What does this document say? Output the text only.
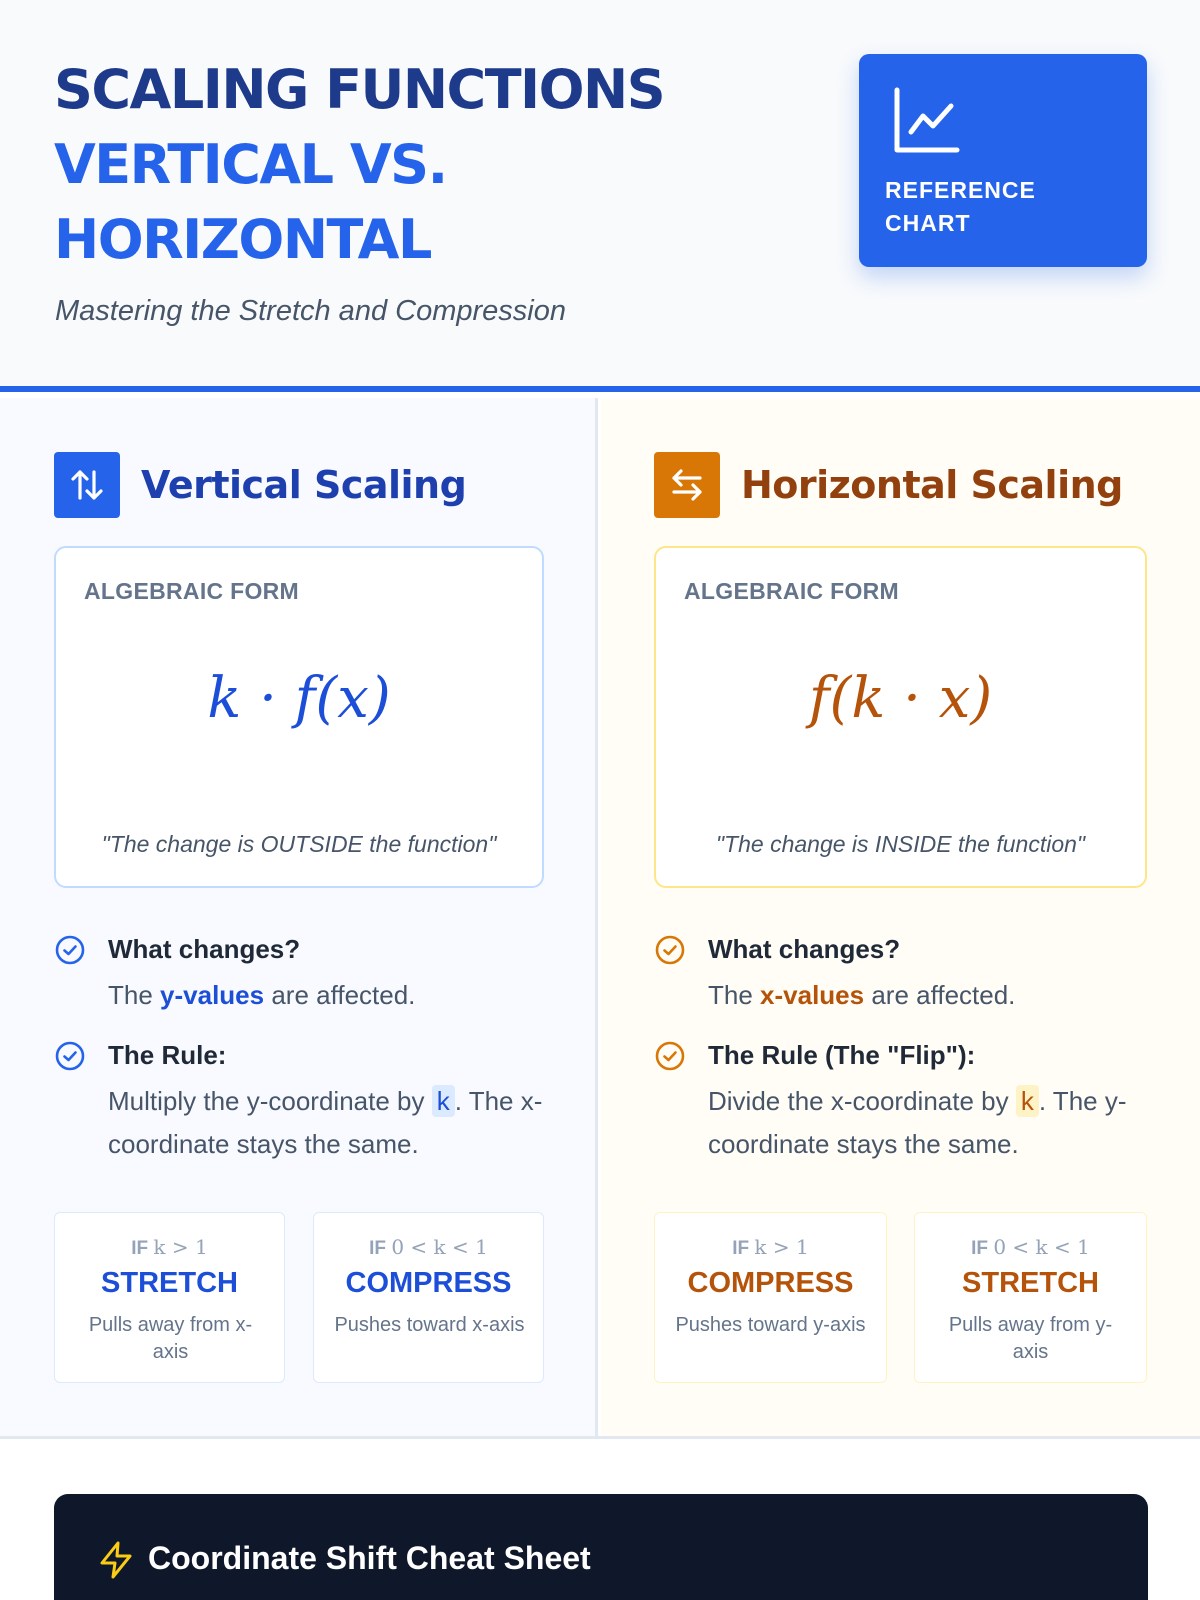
SCALING FUNCTIONS
VERTICAL VS.
HORIZONTAL
Mastering the Stretch and Compression
REFERENCE CHART
Vertical Scaling
ALGEBRAIC FORM
k · f(x)
"The change is OUTSIDE the function"
What changes?
The y-values are affected.
The Rule:
Multiply the y-coordinate by k . The x-coordinate stays the same.
IF k > 1
STRETCH
Pulls away from x-axis
IF 0 < k < 1
COMPRESS
Pushes toward x-axis
Horizontal Scaling
ALGEBRAIC FORM
f(k · x)
"The change is INSIDE the function"
What changes?
The x-values are affected.
The Rule (The "Flip"):
Divide the x-coordinate by k . The y-coordinate stays the same.
IF k > 1
COMPRESS
Pushes toward y-axis
IF 0 < k < 1
STRETCH
Pulls away from y-axis
Coordinate Shift Cheat Sheet
